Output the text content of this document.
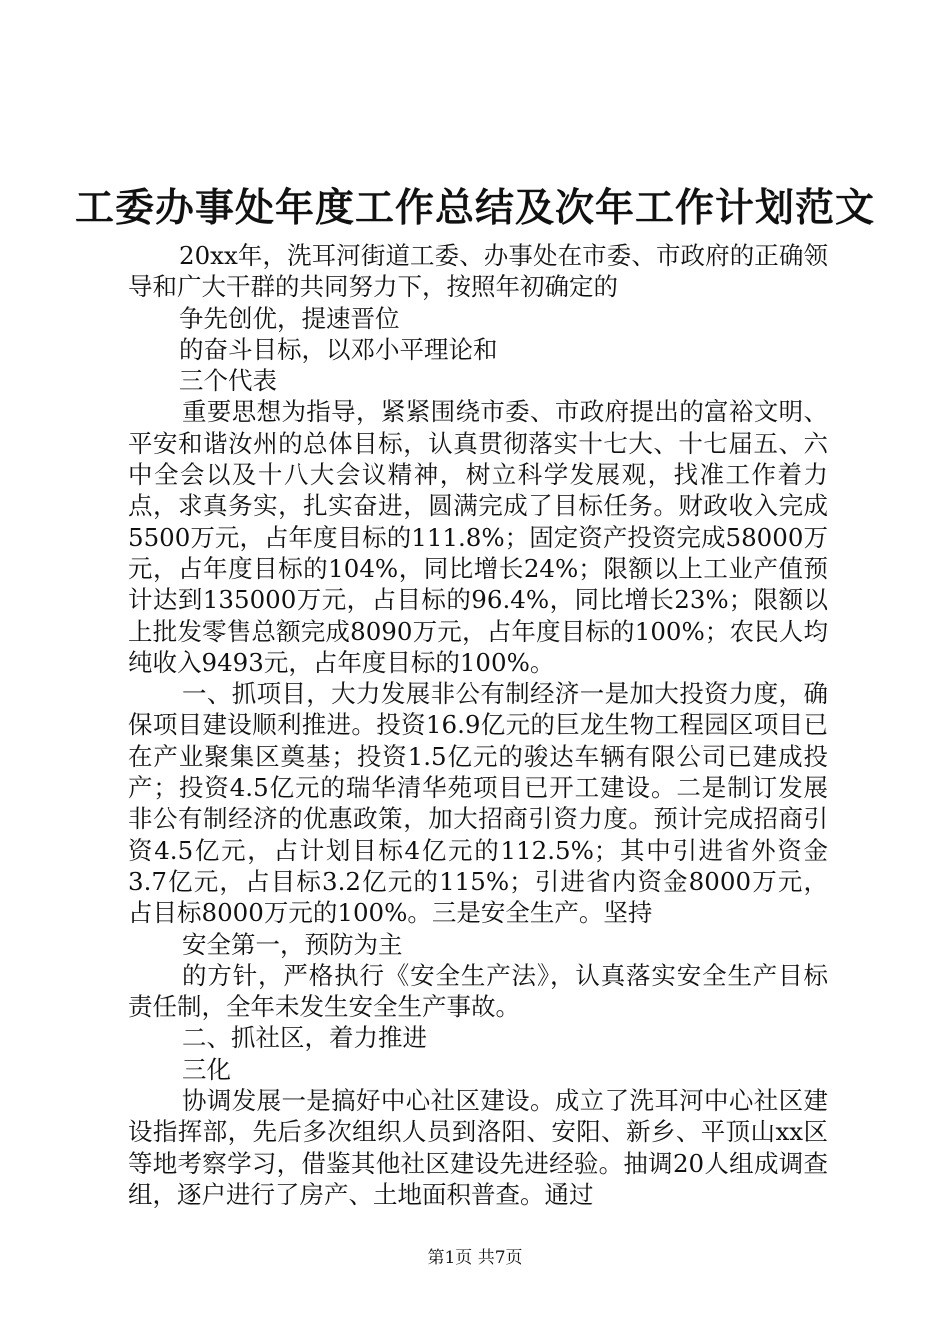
工委办事处年度工作总结及次年工作计划范文

20xx年，洗耳河街道工委、办事处在市委、市政府的正确领导和广大干群的共同努力下，按照年初确定的

争先创优，提速晋位

的奋斗目标，以邓小平理论和

三个代表

重要思想为指导，紧紧围绕市委、市政府提出的富裕文明、平安和谐汝州的总体目标，认真贯彻落实十七大、十七届五、六中全会以及十八大会议精神，树立科学发展观，找准工作着力点，求真务实，扎实奋进，圆满完成了目标任务。财政收入完成5500万元，占年度目标的111.8%；固定资产投资完成58000万元，占年度目标的104%，同比增长24%；限额以上工业产值预计达到135000万元，占目标的96.4%，同比增长23%；限额以上批发零售总额完成8090万元，占年度目标的100%；农民人均纯收入9493元，占年度目标的100%。

一、抓项目，大力发展非公有制经济一是加大投资力度，确保项目建设顺利推进。投资16.9亿元的巨龙生物工程园区项目已在产业聚集区奠基；投资1.5亿元的骏达车辆有限公司已建成投产；投资4.5亿元的瑞华清华苑项目已开工建设。二是制订发展非公有制经济的优惠政策，加大招商引资力度。预计完成招商引资4.5亿元，占计划目标4亿元的112.5%；其中引进省外资金3.7亿元，占目标3.2亿元的115%；引进省内资金8000万元，占目标8000万元的100%。三是安全生产。坚持

安全第一，预防为主

的方针，严格执行《安全生产法》，认真落实安全生产目标责任制，全年未发生安全生产事故。

二、抓社区，着力推进

三化

协调发展一是搞好中心社区建设。成立了洗耳河中心社区建设指挥部，先后多次组织人员到洛阳、安阳、新乡、平顶山xx区等地考察学习，借鉴其他社区建设先进经验。抽调20人组成调查组，逐户进行了房产、土地面积普查。通过

第1页 共7页
